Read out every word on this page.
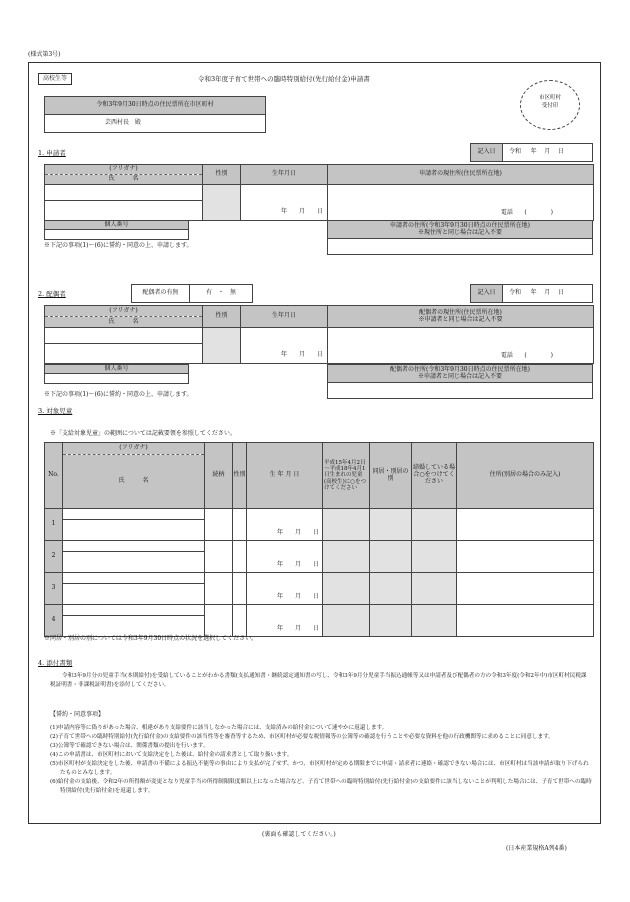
(様式第3号)
高校生等	令和3年度子育て世帯への臨時特別給付(先行給付金)申請書
市区町村
受付印
令和3年9月30日時点の住民票所在市区町村
芸西村長　殿
1. 申請者	記入日	令和 年 月 日
(フリガナ)	性別	生年月日	申請者の現住所(住民票所在地)
氏　　　名			
		年　　月　　日	電話 (　　　　)

個人番号	申請者の住所(令和3年9月30日時点の住民票所在地)
※現住所と同じ場合は記入不要

※下記の事項(1)～(6)に誓約・同意の上、申請します。
2. 配偶者	配偶者の有無	有　・　無	記入日	令和 年 月 日
(フリガナ)	性別	生年月日	配偶者の現住所(住民票所在地)
※申請者と同じ場合は記入不要

氏　　　名			
		年　　月　　日	電話 (　　　　)

個人番号	配偶者の住所(令和3年9月30日時点の住民票所在地)
※申請者と同じ場合は記入不要

※下記の事項(1)～(6)に誓約・同意の上、申請します。
3. 対象児童
※「支給対象児童」の範囲については記載要領を参照してください。
No.	(フリガナ)	続柄	性別	生 年 月 日	平成15年4月2日～平成18年4月1日生まれの児童(高校生)に○をつけてください	同居・別居の別	結婚している場合○をつけてください	住所(別居の場合のみ記入)
	氏　　　名							
1				年　　月　　日				

2				年　　月　　日				

3				年　　月　　日				

4				年　　月　　日				

※同居・別居の別については令和3年9月30日時点の状況を選択してください。
4. 添付書類
令和3年9月分の児童手当(本則給付)を受給していることがわかる書類(支払通知書・継続認定通知書の写し、令和3年9月分児童手当振込通帳等又は申請者及び配偶者の方の令和3年度(令和2年中)市区町村民税課税証明書・非課税証明書)を添付してください。
【誓約・同意事項】
(1)申請内容等に偽りがあった場合、相違があり支給要件に該当しなかった場合には、支給済みの給付金について速やかに返還します。
(2)子育て世帯への臨時特別給付(先行給付金)の支給要件の該当性等を審査等するため、市区町村が必要な税情報等の公簿等の確認を行うことや必要な資料を他の行政機関等に求めることに同意します。
(3)公簿等で確認できない場合は、関係書類の提出を行います。
(4)この申請書は、市区町村において支給決定をした後は、給付金の請求書として取り扱います。
(5)市区町村が支給決定をした後、申請書の不備による振込不能等の事由により支払が完了せず、かつ、市区町村が定める期限までに申請・請求者に連絡・確認できない場合には、市区町村は当該申請が取り下げられたものとみなします。
(6)給付金の支給後、令和2年の所得額が変更となり児童手当の所得制限限度額以上になった場合など、子育て世帯への臨時特別給付(先行給付金)の支給要件に該当しないことが判明した場合には、子育て世帯への臨時特別給付(先行給付金)を返還します。
(裏面も確認してください。)
(日本産業規格A列4番)
